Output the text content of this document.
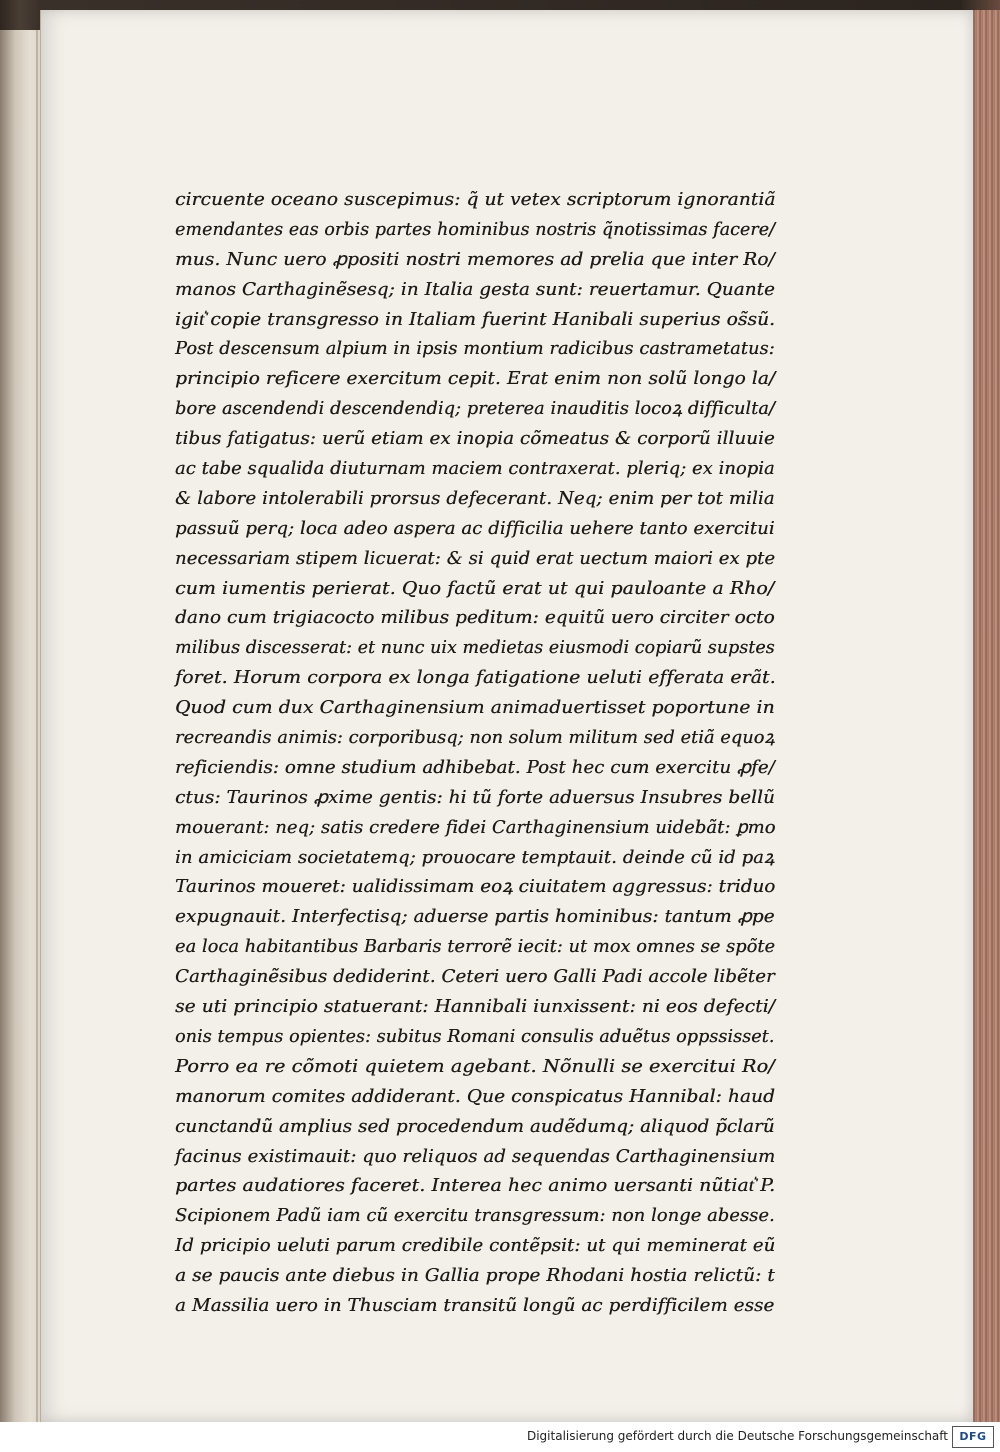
circuente oceano suscepimus: q̃ ut vetex scriptorum ignorantiã
emendantes eas orbis partes hominibus nostris q̃notissimas facere/
mus. Nunc uero ꝓpositi nostri memores ad prelia que inter Ro/
manos Carthaginẽsesq; in Italia gesta sunt: reuertamur. Quante
igit͛ copie transgresso in Italiam fuerint Hanibali superius os̃sũ.
Post descensum alpium in ipsis montium radicibus castrametatus:
principio reficere exercitum cepit. Erat enim non solũ longo la/
bore ascendendi descendendiq; preterea inauditis locoꝝ difficulta/
tibus fatigatus: uerũ etiam ex inopia cõmeatus & corporũ illuuie
ac tabe squalida diuturnam maciem contraxerat. pleriq; ex inopia
& labore intolerabili prorsus defecerant. Neq; enim per tot milia
passuũ perq; loca adeo aspera ac difficilia uehere tanto exercitui
necessariam stipem licuerat: & si quid erat uectum maiori ex pte
cum iumentis perierat. Quo factũ erat ut qui pauloante a Rho/
dano cum trigiacocto milibus peditum: equitũ uero circiter octo
milibus discesserat: et nunc uix medietas eiusmodi copiarũ supstes
foret. Horum corpora ex longa fatigatione ueluti efferata erãt.
Quod cum dux Carthaginensium animaduertisset poportune in
recreandis animis: corporibusq; non solum militum sed etiã equoꝝ
reficiendis: omne studium adhibebat. Post hec cum exercitu ꝓfe/
ctus: Taurinos ꝓxime gentis: hi tũ forte aduersus Insubres bellũ
mouerant: neq; satis credere fidei Carthaginensium uidebãt: ꝑmo
in amiciciam societatemq; prouocare temptauit. deinde cũ id paꝝ
Taurinos moueret: ualidissimam eoꝝ ciuitatem aggressus: triduo
expugnauit. Interfectisq; aduerse partis hominibus: tantum ꝓpe
ea loca habitantibus Barbaris terrorẽ iecit: ut mox omnes se spõte
Carthaginẽsibus dediderint. Ceteri uero Galli Padi accole libẽter
se uti principio statuerant: Hannibali iunxissent: ni eos defecti/
onis tempus opientes: subitus Romani consulis aduẽtus oppssisset.
Porro ea re cõmoti quietem agebant. Nõnulli se exercitui Ro/
manorum comites addiderant. Que conspicatus Hannibal: haud
cunctandũ amplius sed procedendum audẽdumq; aliquod p̃clarũ
facinus existimauit: quo reliquos ad sequendas Carthaginensium
partes audatiores faceret. Interea hec animo uersanti nũtiat͛ P.
Scipionem Padũ iam cũ exercitu transgressum: non longe abesse.
Id pricipio ueluti parum credibile contẽpsit: ut qui meminerat eũ
a se paucis ante diebus in Gallia prope Rhodani hostia relictũ: t
a Massilia uero in Thusciam transitũ longũ ac perdifficilem esse
Digitalisierung gefördert durch die Deutsche Forschungsgemeinschaft	DFG
